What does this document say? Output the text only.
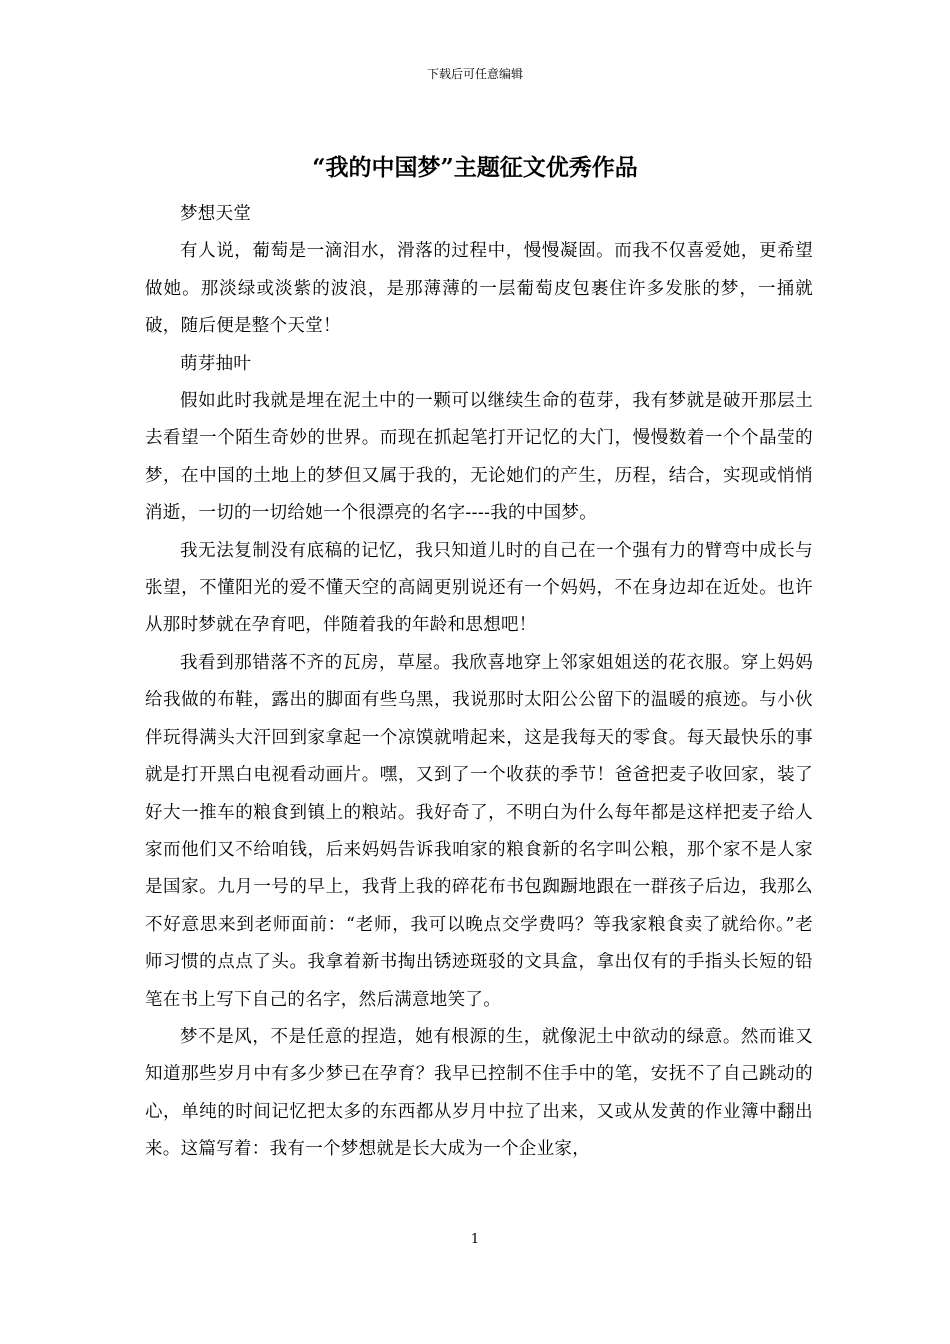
下载后可任意编辑
“我的中国梦”主题征文优秀作品

梦想天堂

有人说，葡萄是一滴泪水，滑落的过程中，慢慢凝固。而我不仅喜爱她，更希望做她。那淡绿或淡紫的波浪，是那薄薄的一层葡萄皮包裹住许多发胀的梦，一捅就破，随后便是整个天堂！

萌芽抽叶

假如此时我就是埋在泥土中的一颗可以继续生命的苞芽，我有梦就是破开那层土去看望一个陌生奇妙的世界。而现在抓起笔打开记忆的大门，慢慢数着一个个晶莹的梦，在中国的土地上的梦但又属于我的，无论她们的产生，历程，结合，实现或悄悄消逝，一切的一切给她一个很漂亮的名字----我的中国梦。

我无法复制没有底稿的记忆，我只知道儿时的自己在一个强有力的臂弯中成长与张望，不懂阳光的爱不懂天空的高阔更别说还有一个妈妈，不在身边却在近处。也许从那时梦就在孕育吧，伴随着我的年龄和思想吧！

我看到那错落不齐的瓦房，草屋。我欣喜地穿上邻家姐姐送的花衣服。穿上妈妈给我做的布鞋，露出的脚面有些乌黑，我说那时太阳公公留下的温暖的痕迹。与小伙伴玩得满头大汗回到家拿起一个凉馍就啃起来，这是我每天的零食。每天最快乐的事就是打开黑白电视看动画片。嘿，又到了一个收获的季节！爸爸把麦子收回家，装了好大一推车的粮食到镇上的粮站。我好奇了，不明白为什么每年都是这样把麦子给人家而他们又不给咱钱，后来妈妈告诉我咱家的粮食新的名字叫公粮，那个家不是人家是国家。九月一号的早上，我背上我的碎花布书包踟蹰地跟在一群孩子后边，我那么不好意思来到老师面前：“老师，我可以晚点交学费吗？等我家粮食卖了就给你。”老师习惯的点点了头。我拿着新书掏出锈迹斑驳的文具盒，拿出仅有的手指头长短的铅笔在书上写下自己的名字，然后满意地笑了。

梦不是风，不是任意的捏造，她有根源的生，就像泥土中欲动的绿意。然而谁又知道那些岁月中有多少梦已在孕育？我早已控制不住手中的笔，安抚不了自己跳动的心，单纯的时间记忆把太多的东西都从岁月中拉了出来，又或从发黄的作业簿中翻出来。这篇写着：我有一个梦想就是长大成为一个企业家，

1
